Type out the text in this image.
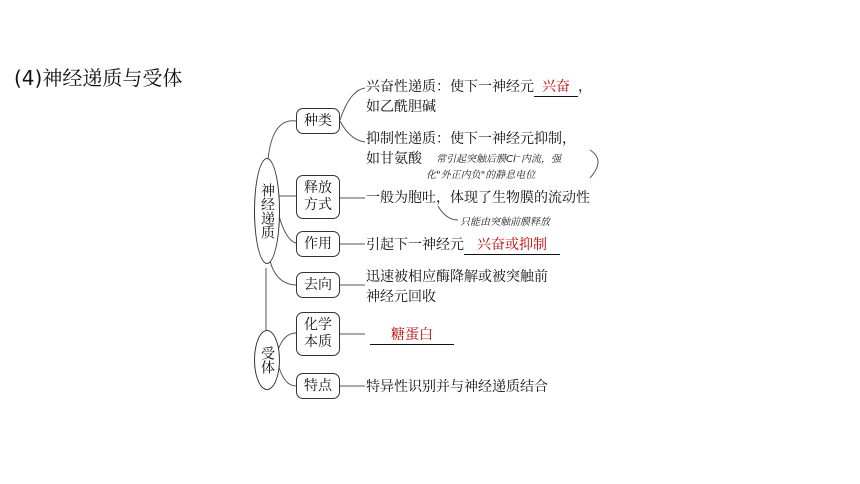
(4)神经递质与受体
神经递质
受体
种类
释放方式
作用
去向
化学本质
特点
兴奋性递质：使下一神经元 兴奋 ，
如乙酰胆碱
抑制性递质：使下一神经元抑制，
如甘氨酸 常引起突触后膜Cl⁻内流，强
化"外正内负"的静息电位
一般为胞吐，体现了生物膜的流动性
只能由突触前膜释放
引起下一神经元 兴奋或抑制
迅速被相应酶降解或被突触前
神经元回收
糖蛋白
特异性识别并与神经递质结合
